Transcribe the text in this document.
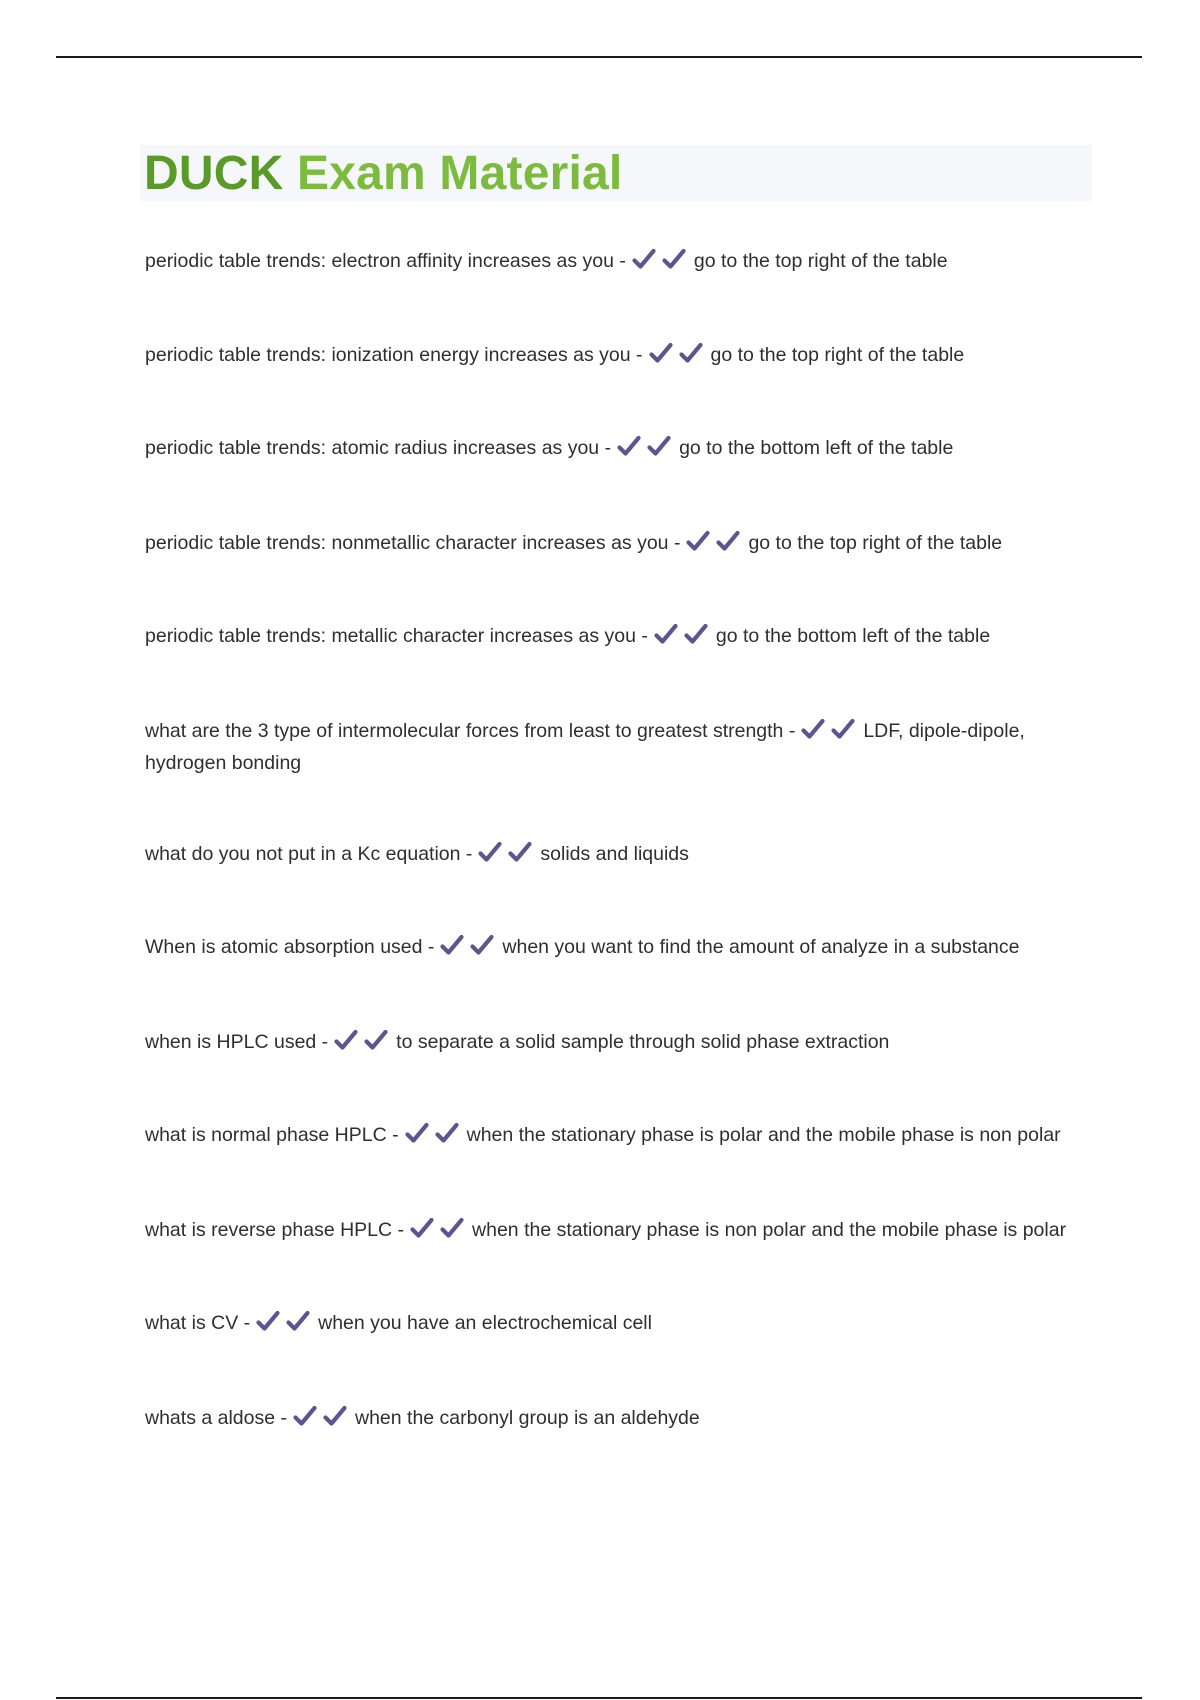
DUCK Exam Material
periodic table trends: electron affinity increases as you -	go to the top right of the table
periodic table trends: ionization energy increases as you -	go to the top right of the table
periodic table trends: atomic radius increases as you -	go to the bottom left of the table
periodic table trends: nonmetallic character increases as you -	go to the top right of the table
periodic table trends: metallic character increases as you -	go to the bottom left of the table
what are the 3 type of intermolecular forces from least to greatest strength -	LDF, dipole-dipole, hydrogen bonding
what do you not put in a Kc equation -	solids and liquids
When is atomic absorption used -	when you want to find the amount of analyze in a substance
when is HPLC used -	to separate a solid sample through solid phase extraction
what is normal phase HPLC -	when the stationary phase is polar and the mobile phase is non polar
what is reverse phase HPLC -	when the stationary phase is non polar and the mobile phase is polar
what is CV -	when you have an electrochemical cell
whats a aldose -	when the carbonyl group is an aldehyde
